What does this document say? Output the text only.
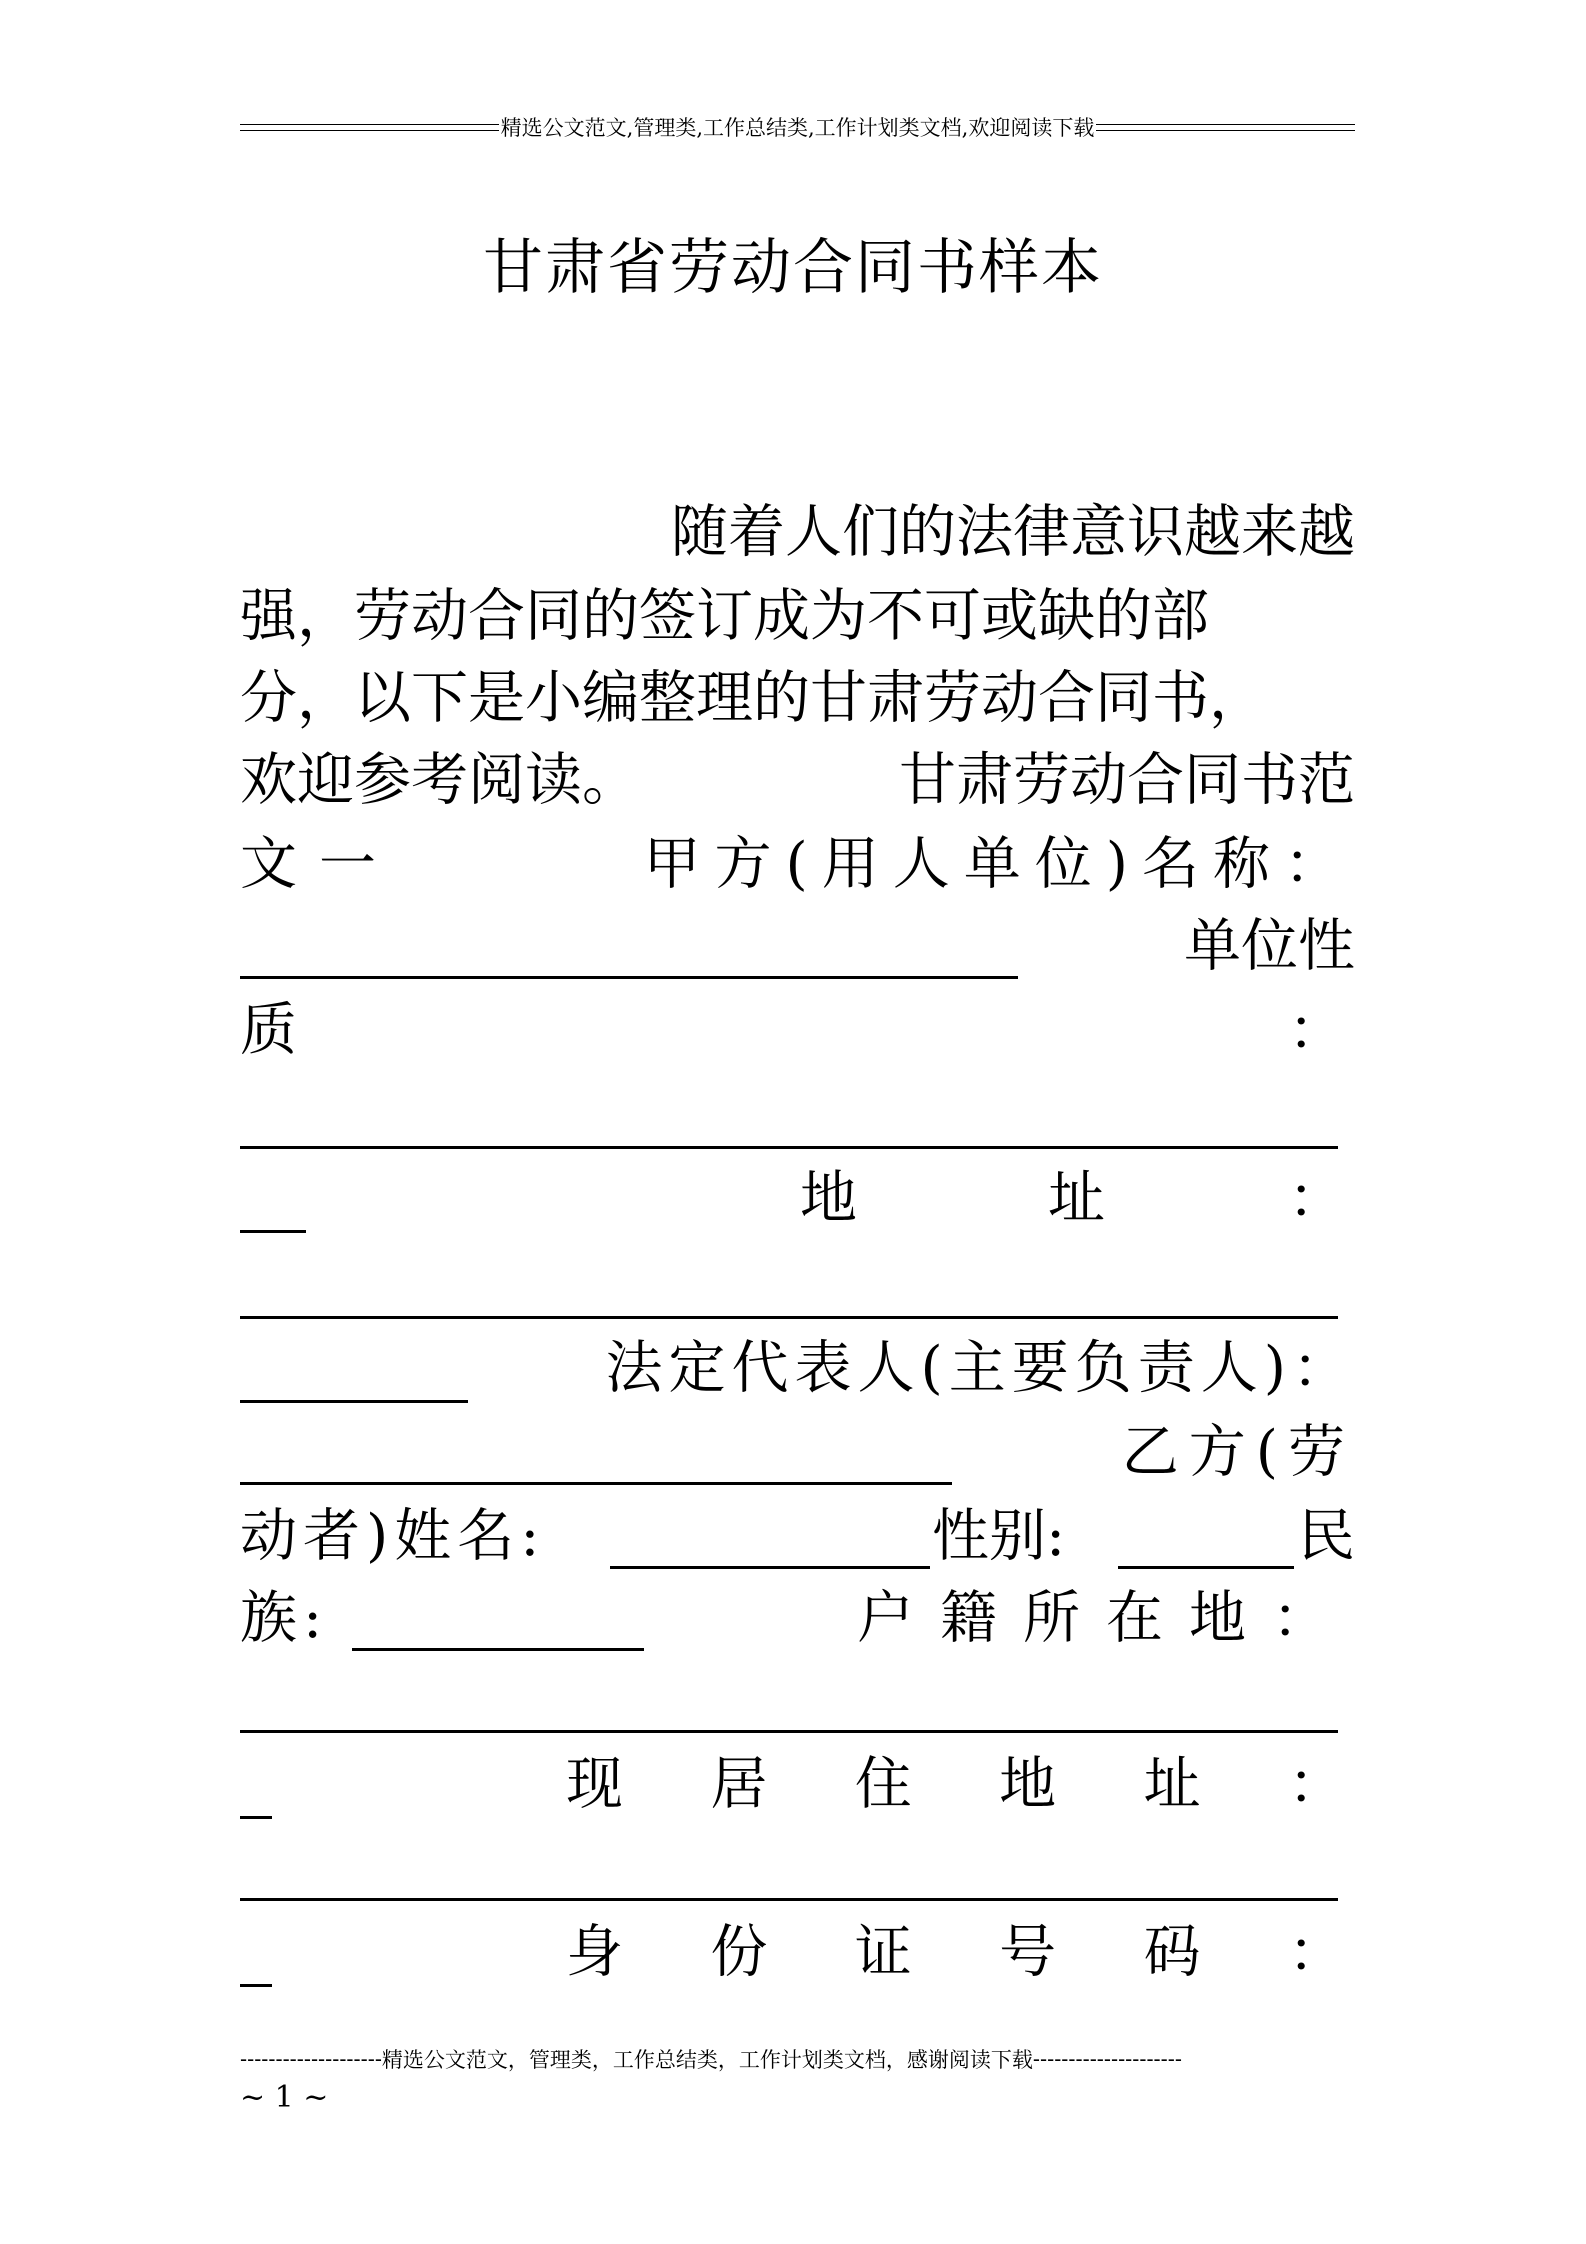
精选公文范文,管理类,工作总结类,工作计划类文档,欢迎阅读下载
甘肃省劳动合同书样本
随着人们的法律意识越来越
强，劳动合同的签订成为不可或缺的部
分，以下是小编整理的甘肃劳动合同书，
欢迎参考阅读。	甘肃劳动合同书范
文一	甲方(用人单位)名称：
单位性
质	：
地	址	：
法定代表人(主要负责人)：
乙方(劳
动者)姓名:	性别:	民
族:	户籍所在地：
现 居 住 地 址 ：
身 份 证 号 码 ：
-------------------- 精选公文范文，管理类，工作总结类，工作计划类文档，感谢阅读下载 ---------------------
~ 1 ~
